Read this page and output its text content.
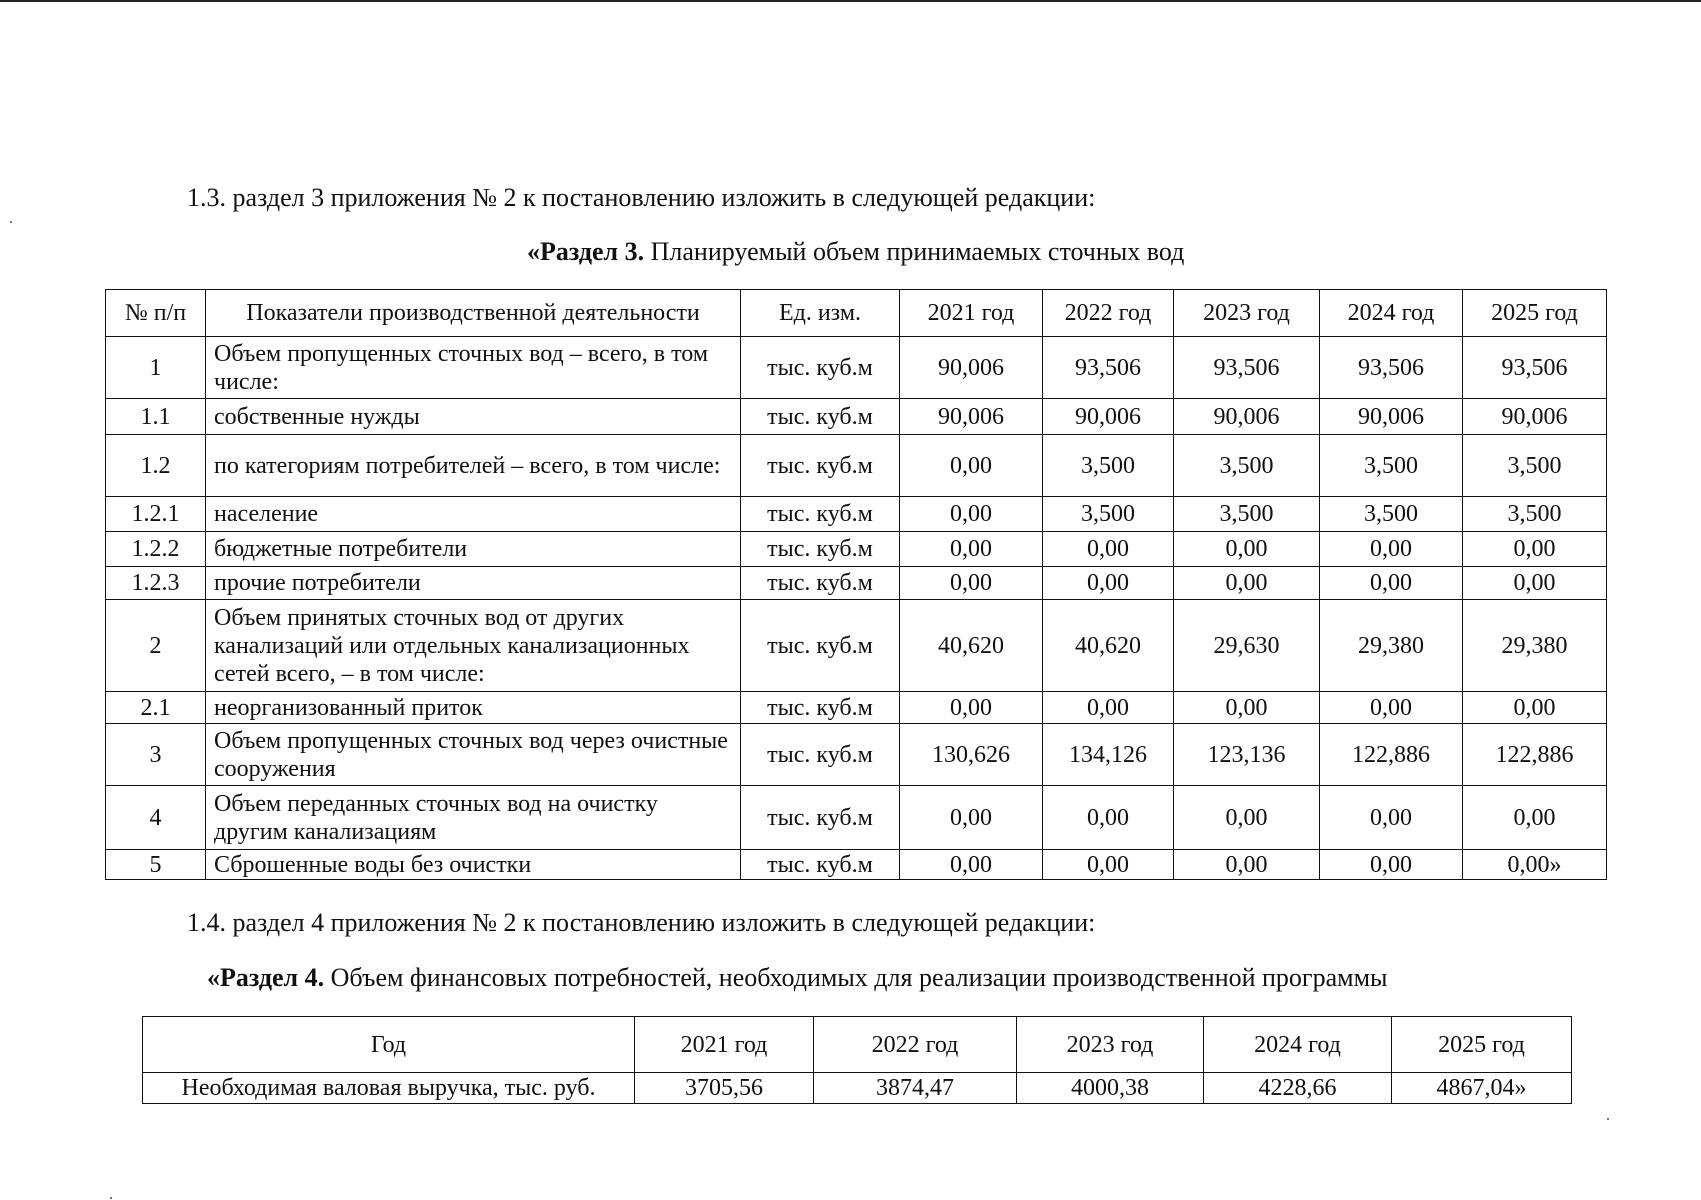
1.3. раздел 3 приложения № 2 к постановлению изложить в следующей редакции:
«Раздел 3. Планируемый объем принимаемых сточных вод
№ п/п	Показатели производственной деятельности	Ед. изм.	2021 год	2022 год	2023 год	2024 год	2025 год
1	Объем пропущенных сточных вод – всего, в том числе:	тыс. куб.м	90,006	93,506	93,506	93,506	93,506
1.1	собственные нужды	тыс. куб.м	90,006	90,006	90,006	90,006	90,006
1.2	по категориям потребителей – всего, в том числе:	тыс. куб.м	0,00	3,500	3,500	3,500	3,500
1.2.1	население	тыс. куб.м	0,00	3,500	3,500	3,500	3,500
1.2.2	бюджетные потребители	тыс. куб.м	0,00	0,00	0,00	0,00	0,00
1.2.3	прочие потребители	тыс. куб.м	0,00	0,00	0,00	0,00	0,00
2	Объем принятых сточных вод от других канализаций или отдельных канализационных сетей всего, – в том числе:	тыс. куб.м	40,620	40,620	29,630	29,380	29,380
2.1	неорганизованный приток	тыс. куб.м	0,00	0,00	0,00	0,00	0,00
3	Объем пропущенных сточных вод через очистные сооружения	тыс. куб.м	130,626	134,126	123,136	122,886	122,886
4	Объем переданных сточных вод на очистку другим канализациям	тыс. куб.м	0,00	0,00	0,00	0,00	0,00
5	Сброшенные воды без очистки	тыс. куб.м	0,00	0,00	0,00	0,00	0,00»
1.4. раздел 4 приложения № 2 к постановлению изложить в следующей редакции:
«Раздел 4. Объем финансовых потребностей, необходимых для реализации производственной программы
Год	2021 год	2022 год	2023 год	2024 год	2025 год
Необходимая валовая выручка, тыс. руб.	3705,56	3874,47	4000,38	4228,66	4867,04»
